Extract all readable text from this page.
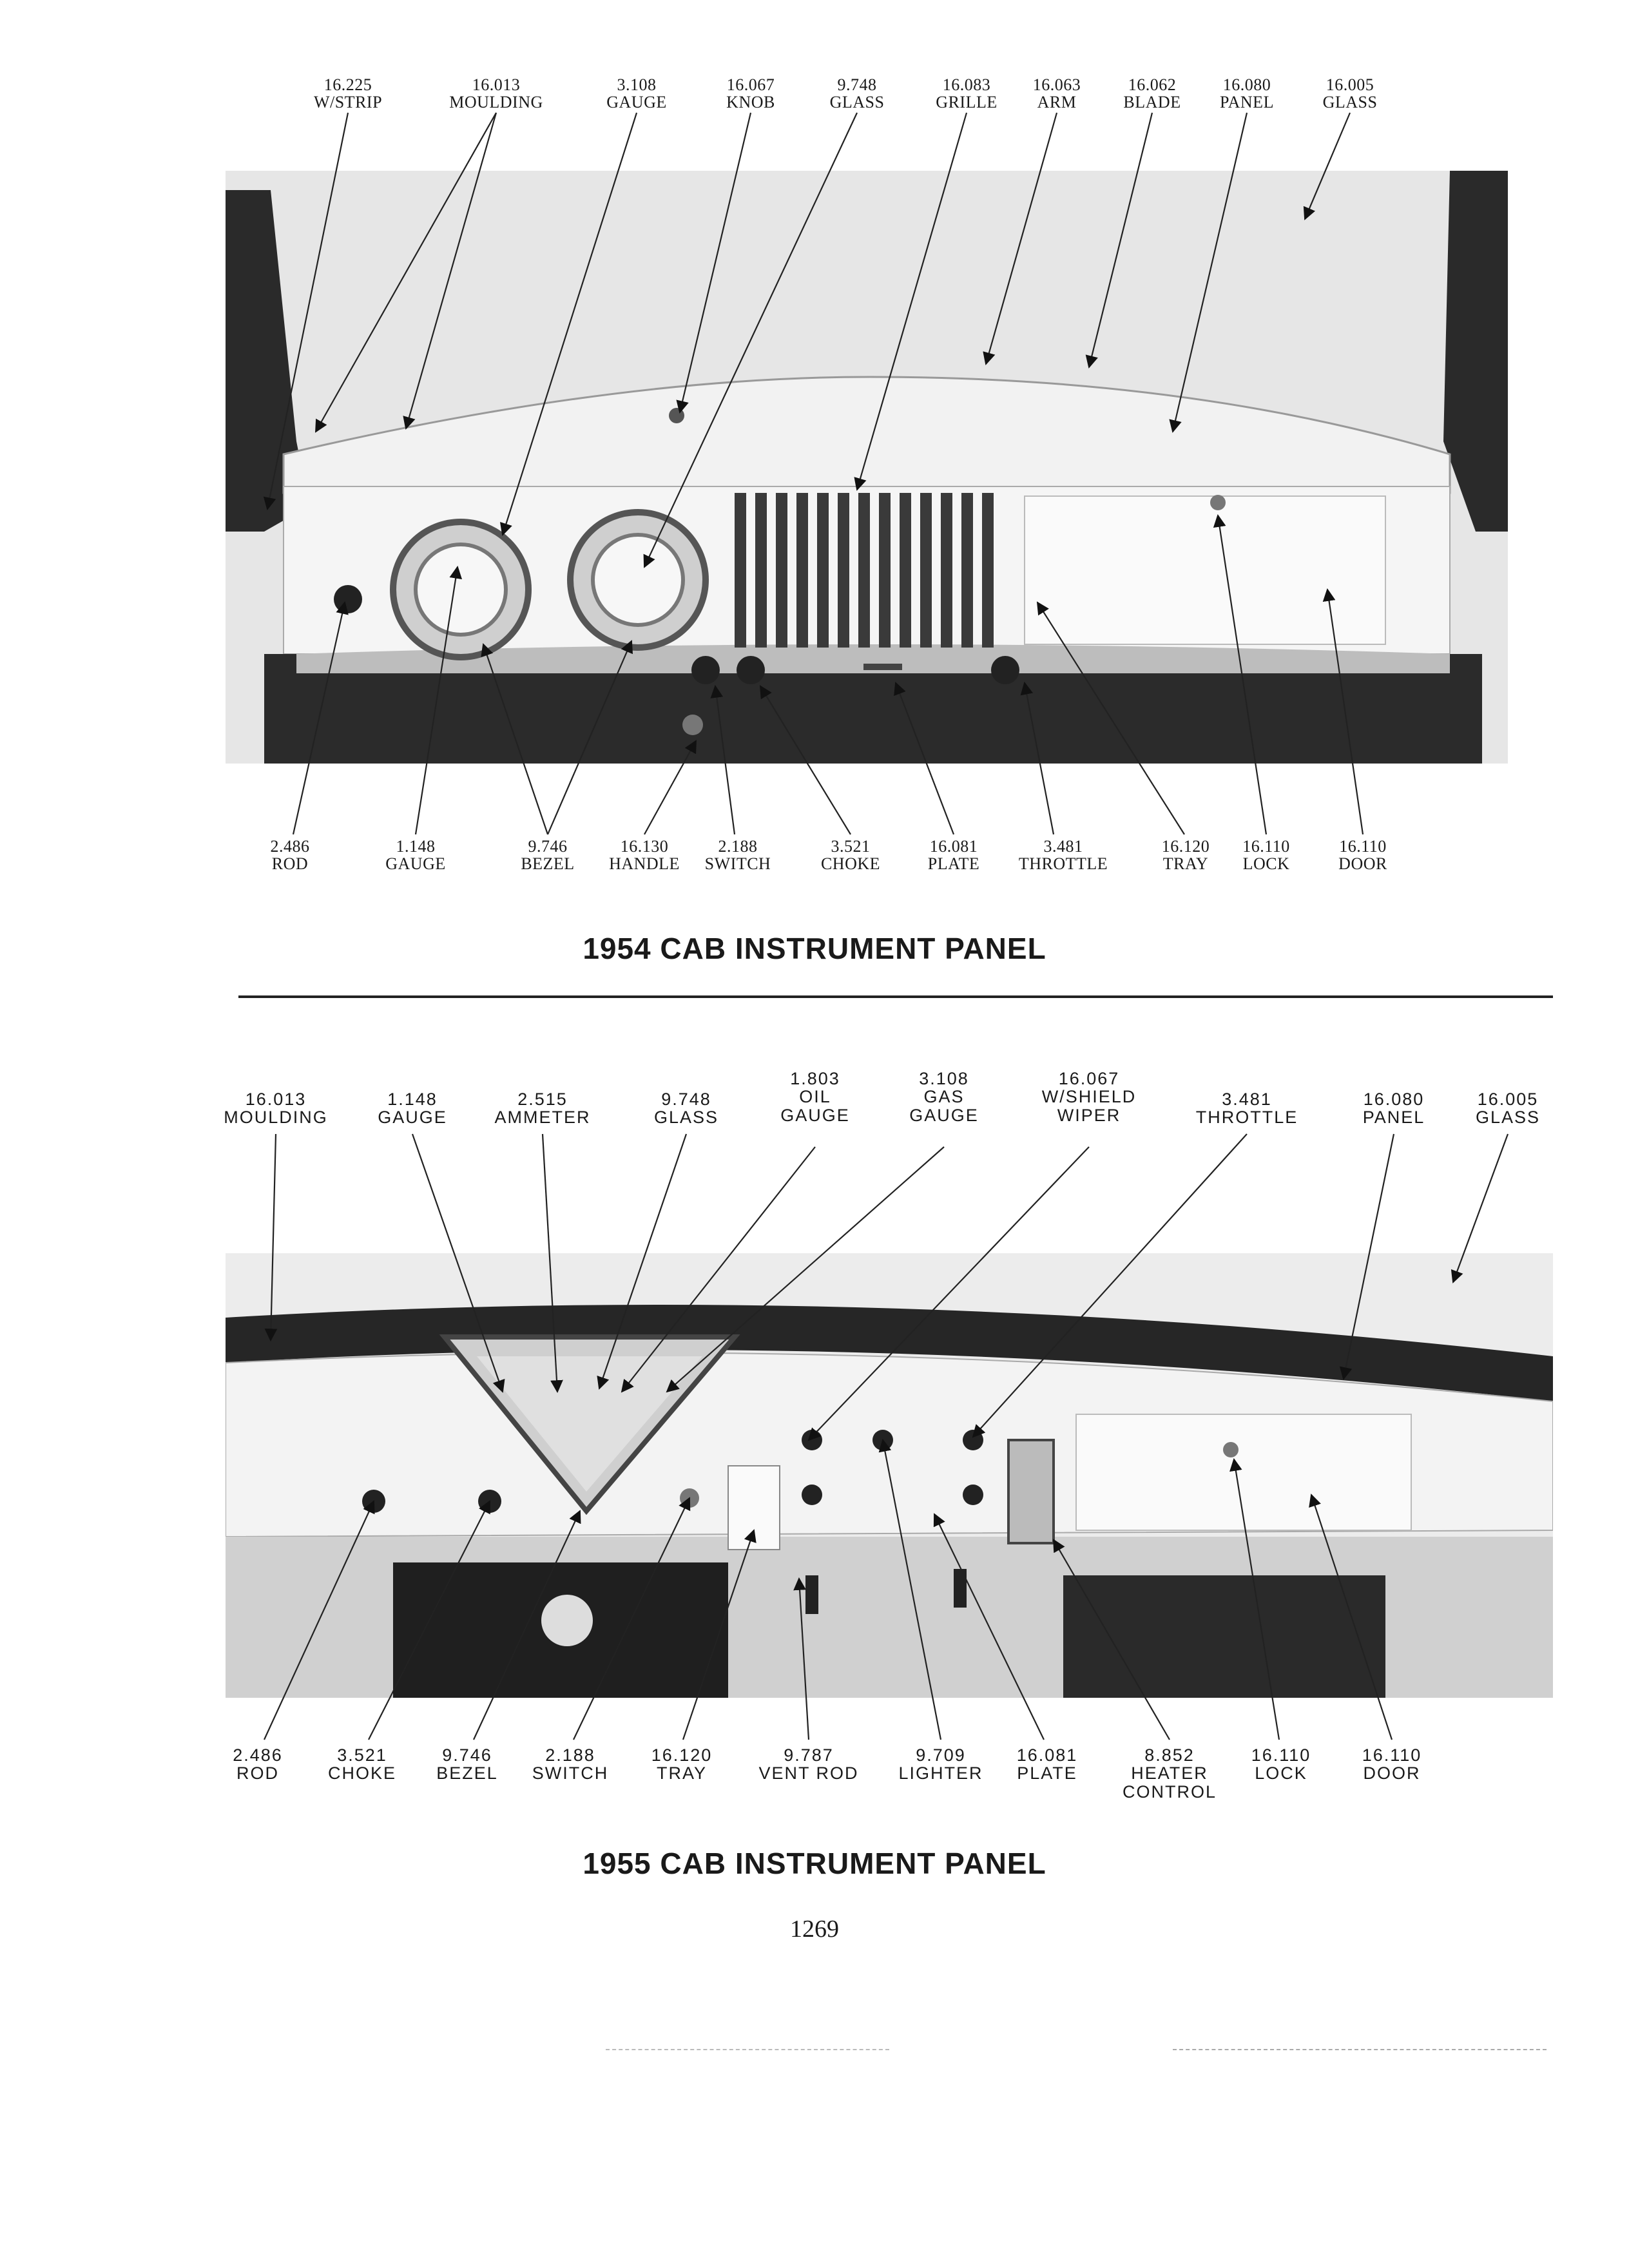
16.225
W/STRIP
16.013
MOULDING
3.108
GAUGE
16.067
KNOB
9.748
GLASS
16.083
GRILLE
16.063
ARM
16.062
BLADE
16.080
PANEL
16.005
GLASS
2.486
ROD
1.148
GAUGE
9.746
BEZEL
16.130
HANDLE
2.188
SWITCH
3.521
CHOKE
16.081
PLATE
3.481
THROTTLE
16.120
TRAY
16.110
LOCK
16.110
DOOR
1954 CAB INSTRUMENT PANEL
16.013
MOULDING
1.148
GAUGE
2.515
AMMETER
9.748
GLASS
1.803
OIL
GAUGE
3.108
GAS
GAUGE
16.067
W/SHIELD
WIPER
3.481
THROTTLE
16.080
PANEL
16.005
GLASS
2.486
ROD
3.521
CHOKE
9.746
BEZEL
2.188
SWITCH
16.120
TRAY
9.787
VENT ROD
9.709
LIGHTER
16.081
PLATE
8.852
HEATER
CONTROL
16.110
LOCK
16.110
DOOR
1955 CAB INSTRUMENT PANEL
1269
